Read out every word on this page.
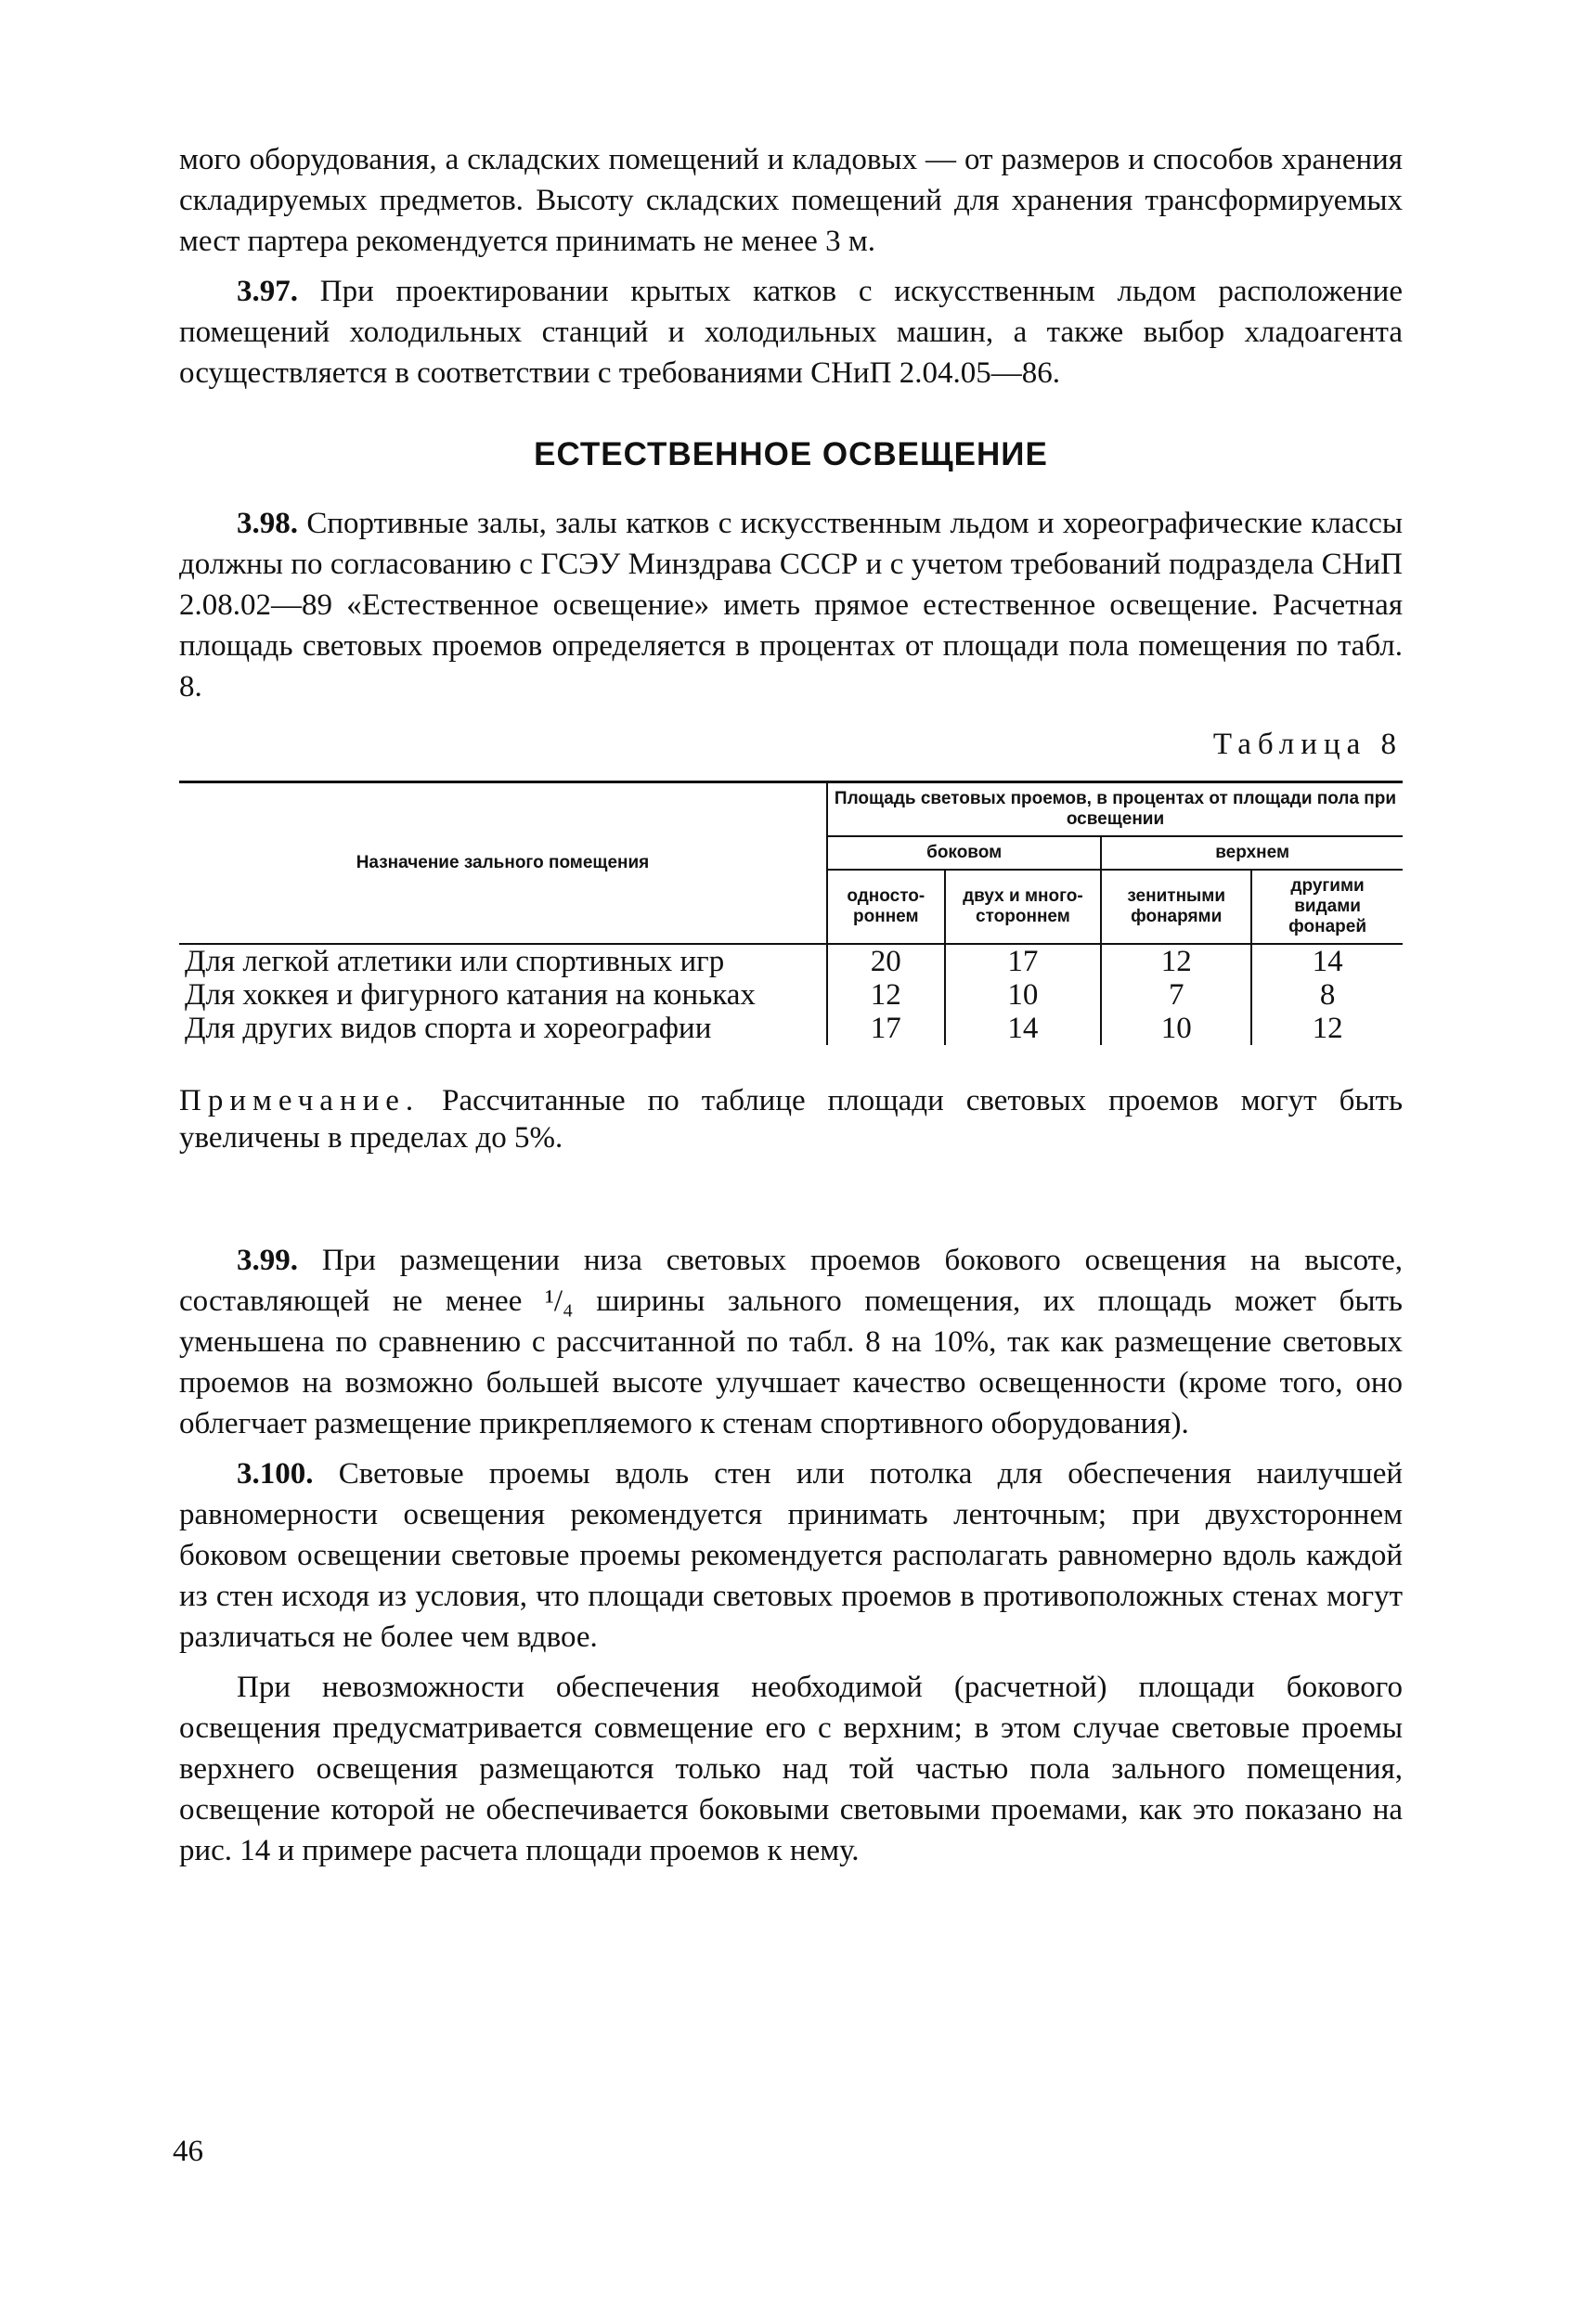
мого оборудования, а складских помещений и кладовых — от размеров и способов хранения складируемых предметов. Высоту складских помещений для хранения трансформируемых мест партера рекомендуется принимать не менее 3 м.

3.97. При проектировании крытых катков с искусственным льдом расположение помещений холодильных станций и холодильных машин, а также выбор хладоагента осуществляется в соответствии с требованиями СНиП 2.04.05—86.

ЕСТЕСТВЕННОЕ ОСВЕЩЕНИЕ

3.98. Спортивные залы, залы катков с искусственным льдом и хореографические классы должны по согласованию с ГСЭУ Минздрава СССР и с учетом требований подраздела СНиП 2.08.02—89 «Естественное освещение» иметь прямое естественное освещение. Расчетная площадь световых проемов определяется в процентах от площади пола помещения по табл. 8.

Таблица 8
Назначение зального помещения	Площадь световых проемов, в процентах от площади пола при освещении			
	боковом		верхнем	
	односто-роннем	двух и много-стороннем	зенитными фонарями	другими видами фонарей
Для легкой атлетики или спортивных игр	20	17	12	14
Для хоккея и фигурного катания на коньках	12	10	7	8
Для других видов спорта и хореографии	17	14	10	12

Примечание. Рассчитанные по таблице площади световых проемов могут быть увеличены в пределах до 5%.

3.99. При размещении низа световых проемов бокового освещения на высоте, составляющей не менее ¹/₄ ширины зального помещения, их площадь может быть уменьшена по сравнению с рассчитанной по табл. 8 на 10%, так как размещение световых проемов на возможно большей высоте улучшает качество освещенности (кроме того, оно облегчает размещение прикрепляемого к стенам спортивного оборудования).

3.100. Световые проемы вдоль стен или потолка для обеспечения наилучшей равномерности освещения рекомендуется принимать ленточным; при двухстороннем боковом освещении световые проемы рекомендуется располагать равномерно вдоль каждой из стен исходя из условия, что площади световых проемов в противоположных стенах могут различаться не более чем вдвое.

При невозможности обеспечения необходимой (расчетной) площади бокового освещения предусматривается совмещение его с верхним; в этом случае световые проемы верхнего освещения размещаются только над той частью пола зального помещения, освещение которой не обеспечивается боковыми световыми проемами, как это показано на рис. 14 и примере расчета площади проемов к нему.

46
